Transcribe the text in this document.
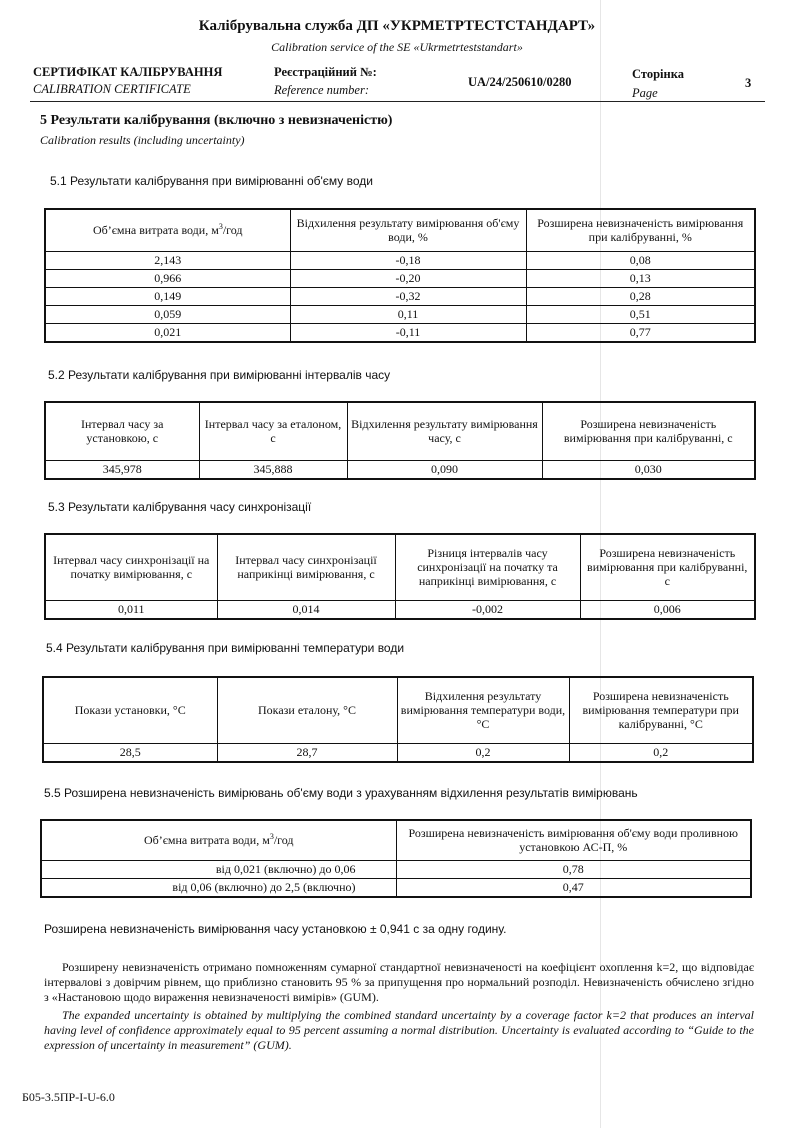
Калібрувальна служба ДП «УКРМЕТРТЕСТСТАНДАРТ»
Calibration service of the SE «Ukrmetrteststandart»
СЕРТИФІКАТ КАЛІБРУВАННЯ
CALIBRATION CERTIFICATE
Реєстраційний №:
Reference number:
UA/24/250610/0280
Сторінка
Page
3
5 Результати калібрування (включно з невизначеністю)
Calibration results (including uncertainty)
5.1 Результати калібрування при вимірюванні об'єму води
Об’ємна витрата води, $м^3$/год	Відхилення результату вимірювання об'єму води, %	Розширена невизначеність вимірювання при калібруванні, %
2,143	-0,18	0,08
0,966	-0,20	0,13
0,149	-0,32	0,28
0,059	0,11	0,51
0,021	-0,11	0,77
5.2 Результати калібрування при вимірюванні інтервалів часу
Інтервал часу за установкою, с	Інтервал часу за еталоном, с	Відхилення результату вимірювання часу, с	Розширена невизначеність вимірювання при калібруванні, с
345,978	345,888	0,090	0,030
5.3 Результати калібрування часу синхронізації
Інтервал часу синхронізації на початку вимірювання, с	Інтервал часу синхронізації наприкінці вимірювання, с	Різниця інтервалів часу синхронізації на початку та наприкінці вимірювання, с	Розширена невизначеність вимірювання при калібруванні, с
0,011	0,014	-0,002	0,006
5.4 Результати калібрування при вимірюванні температури води
Покази установки, °С	Покази еталону, °С	Відхилення результату вимірювання температури води, °С	Розширена невизначеність вимірювання температури при калібруванні, °С
28,5	28,7	0,2	0,2
5.5 Розширена невизначеність вимірювань об'єму води з урахуванням відхилення результатів вимірювань
Об’ємна витрата води, $м^3$/год	Розширена невизначеність вимірювання об'єму води проливною установкою АС-П, %
від 0,021 (включно) до 0,06	0,78
від 0,06 (включно) до 2,5 (включно)	0,47
Розширена невизначеність вимірювання часу установкою ± 0,941 с за одну годину.
Розширену невизначеність отримано помноженням сумарної стандартної невизначеності на коефіцієнт охоплення k=2, що відповідає інтервалові з довірчим рівнем, що приблизно становить 95 % за припущення про нормальний розподіл. Невизначеність обчислено згідно з «Настановою щодо вираження невизначеності вимірів» (GUM).
The expanded uncertainty is obtained by multiplying the combined standard uncertainty by a coverage factor k=2 that produces an interval having level of confidence approximately equal to 95 percent assuming a normal distribution. Uncertainty is evaluated according to “Guide to the expression of uncertainty in measurement” (GUM).
Б05-3.5ПР-І-U-6.0
